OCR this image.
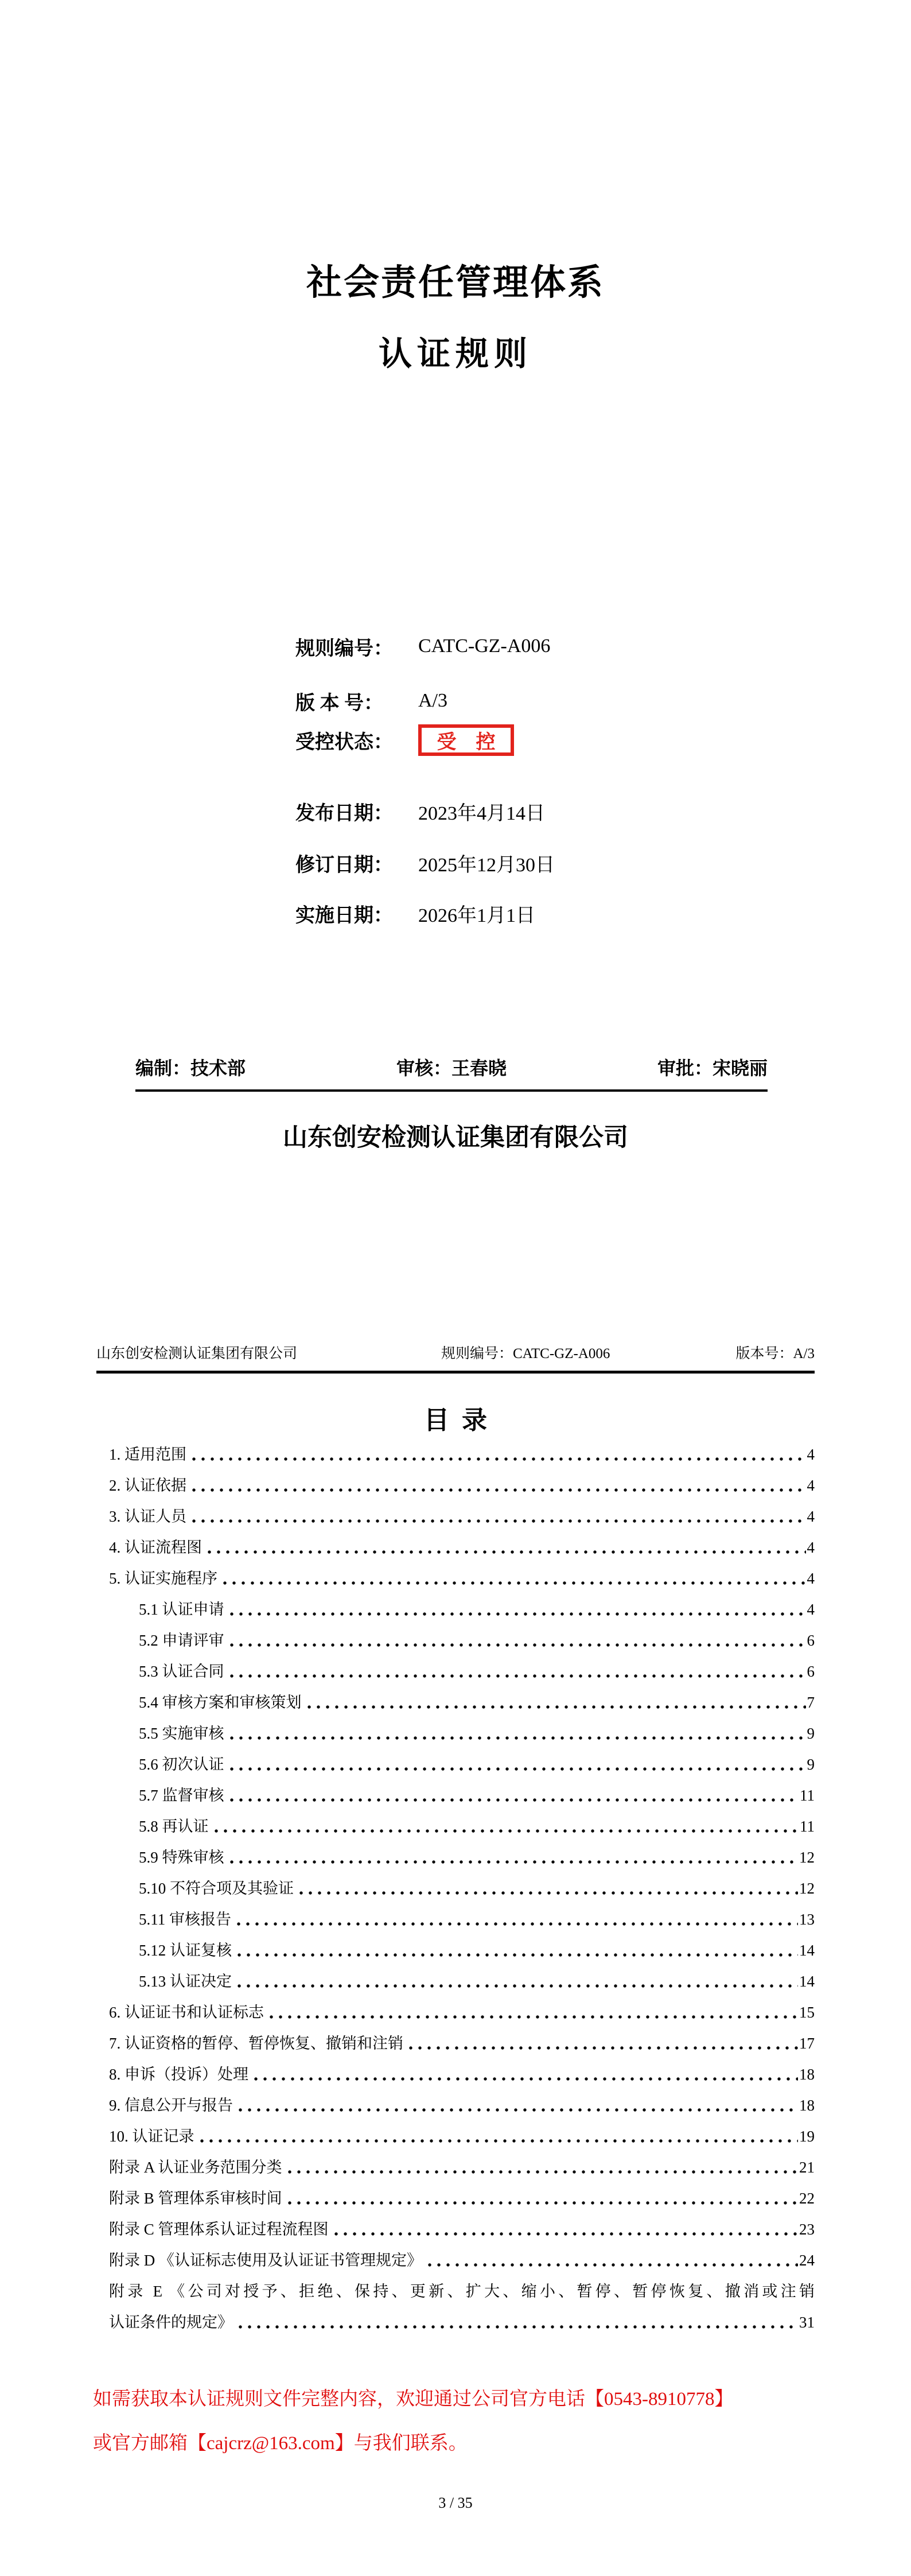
社会责任管理体系
认证规则
规则编号：	CATC-GZ-A006
版 本 号：	A/3
受控状态：	受　控
发布日期：	2023年4月14日
修订日期：	2025年12月30日
实施日期：	2026年1月1日
编制：技术部	审核：王春晓	审批：宋晓丽
山东创安检测认证集团有限公司
山东创安检测认证集团有限公司	规则编号：CATC-GZ-A006	版本号：A/3
目  录
1. 适用范围	4
2. 认证依据	4
3. 认证人员	4
4. 认证流程图	4
5. 认证实施程序	4
5.1 认证申请	4
5.2 申请评审	6
5.3 认证合同	6
5.4 审核方案和审核策划	7
5.5 实施审核	9
5.6 初次认证	9
5.7 监督审核	11
5.8 再认证	11
5.9 特殊审核	12
5.10 不符合项及其验证	12
5.11 审核报告	13
5.12 认证复核	14
5.13 认证决定	14
6. 认证证书和认证标志	15
7. 认证资格的暂停、暂停恢复、撤销和注销	17
8. 申诉（投诉）处理	18
9. 信息公开与报告	18
10. 认证记录	19
附录 A 认证业务范围分类	21
附录 B 管理体系审核时间	22
附录 C 管理体系认证过程流程图	23
附录 D 《认证标志使用及认证证书管理规定》	24
附录 E 《公司对授予、拒绝、保持、更新、扩大、缩小、暂停、暂停恢复、撤消或注销
认证条件的规定》	31
如需获取本认证规则文件完整内容，欢迎通过公司官方电话【0543-8910778】
或官方邮箱【cajcrz@163.com】与我们联系。
3 / 35
